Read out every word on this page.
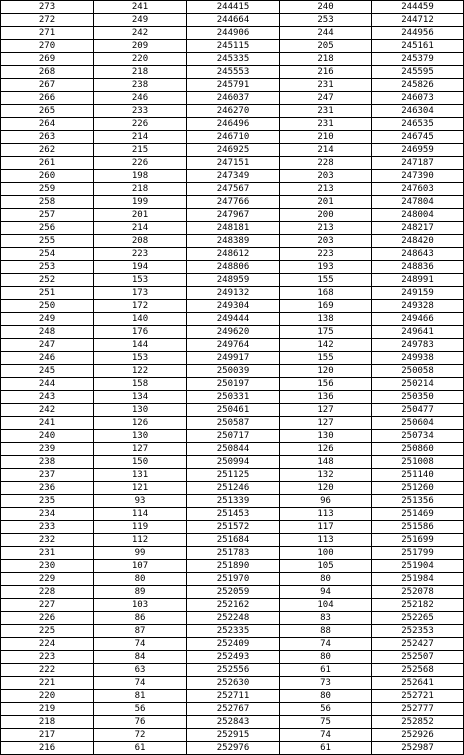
273	241	244415	240	244459
272	249	244664	253	244712
271	242	244906	244	244956
270	209	245115	205	245161
269	220	245335	218	245379
268	218	245553	216	245595
267	238	245791	231	245826
266	246	246037	247	246073
265	233	246270	231	246304
264	226	246496	231	246535
263	214	246710	210	246745
262	215	246925	214	246959
261	226	247151	228	247187
260	198	247349	203	247390
259	218	247567	213	247603
258	199	247766	201	247804
257	201	247967	200	248004
256	214	248181	213	248217
255	208	248389	203	248420
254	223	248612	223	248643
253	194	248806	193	248836
252	153	248959	155	248991
251	173	249132	168	249159
250	172	249304	169	249328
249	140	249444	138	249466
248	176	249620	175	249641
247	144	249764	142	249783
246	153	249917	155	249938
245	122	250039	120	250058
244	158	250197	156	250214
243	134	250331	136	250350
242	130	250461	127	250477
241	126	250587	127	250604
240	130	250717	130	250734
239	127	250844	126	250860
238	150	250994	148	251008
237	131	251125	132	251140
236	121	251246	120	251260
235	93	251339	96	251356
234	114	251453	113	251469
233	119	251572	117	251586
232	112	251684	113	251699
231	99	251783	100	251799
230	107	251890	105	251904
229	80	251970	80	251984
228	89	252059	94	252078
227	103	252162	104	252182
226	86	252248	83	252265
225	87	252335	88	252353
224	74	252409	74	252427
223	84	252493	80	252507
222	63	252556	61	252568
221	74	252630	73	252641
220	81	252711	80	252721
219	56	252767	56	252777
218	76	252843	75	252852
217	72	252915	74	252926
216	61	252976	61	252987
